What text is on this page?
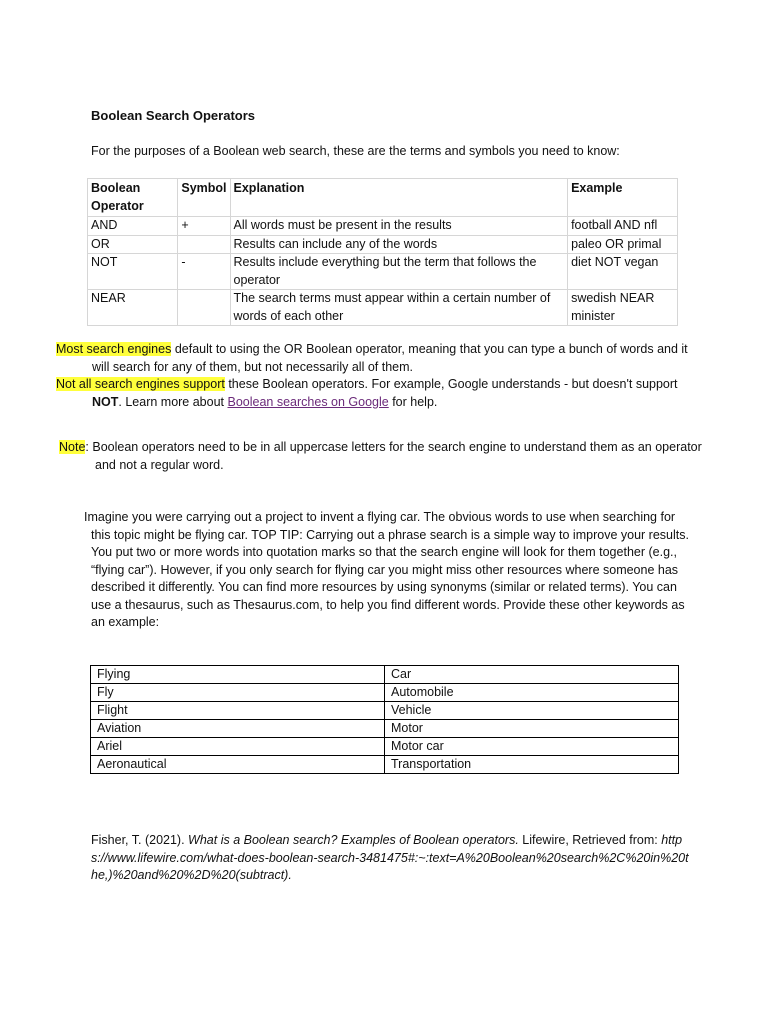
Boolean Search Operators
For the purposes of a Boolean web search, these are the terms and symbols you need to know:
Boolean Operator	Symbol	Explanation	Example
AND	+	All words must be present in the results	football AND nfl
OR		Results can include any of the words	paleo OR primal
NOT	-	Results include everything but the term that follows the operator	diet NOT vegan
NEAR		The search terms must appear within a certain number of words of each other	swedish NEAR minister
Most search engines default to using the OR Boolean operator, meaning that you can type a bunch of words and it will search for any of them, but not necessarily all of them.
Not all search engines support these Boolean operators. For example, Google understands - but doesn't support NOT. Learn more about Boolean searches on Google for help.
Note: Boolean operators need to be in all uppercase letters for the search engine to understand them as an operator and not a regular word.
Imagine you were carrying out a project to invent a flying car. The obvious words to use when searching for this topic might be flying car. TOP TIP: Carrying out a phrase search is a simple way to improve your results. You put two or more words into quotation marks so that the search engine will look for them together (e.g., “flying car”). However, if you only search for flying car you might miss other resources where someone has described it differently. You can find more resources by using synonyms (similar or related terms). You can use a thesaurus, such as Thesaurus.com, to help you find different words. Provide these other keywords as an example:
Flying	Car
Fly	Automobile
Flight	Vehicle
Aviation	Motor
Ariel	Motor car
Aeronautical	Transportation
Fisher, T. (2021). What is a Boolean search? Examples of Boolean operators. Lifewire, Retrieved from: https://www.lifewire.com/what-does-boolean-search-3481475#:~:text=A%20Boolean%20search%2C%20in%20the,)%20and%20%2D%20(subtract).
